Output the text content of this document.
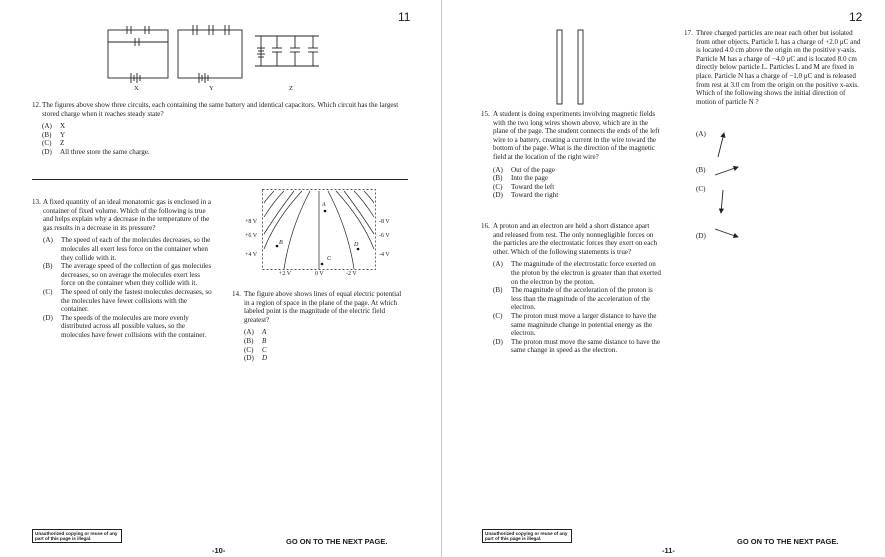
11
X	Y	Z
12. The figures above show three circuits, each containing the same battery and identical capacitors. Which circuit has the largest stored charge when it reaches steady state?
(A)	X
(B)	Y
(C)	Z
(D)	All three store the same charge.
13. A fixed quantity of an ideal monatomic gas is enclosed in a container of fixed volume. Which of the following is true and helps explain why a decrease in the temperature of the gas results in a decrease in its pressure?
(A)	The speed of each of the molecules decreases, so the molecules all exert less force on the container when they collide with it.
(B)	The average speed of the collection of gas molecules decreases, so on average the molecules exert less force on the container when they collide with it.
(C)	The speed of only the fastest molecules decreases, so the molecules have fewer collisions with the container.
(D)	The speeds of the molecules are more evenly distributed across all possible values, so the molecules have fewer collisions with the container.
A
B
C
D
+8 V
+6 V
+4 V
-8 V
-6 V
-4 V
+2 V	0 V	-2 V
14. The figure above shows lines of equal electric potential in a region of space in the plane of the page. At which labeled point is the magnitude of the electric field greatest?
(A)	A
(B)	B
(C)	C
(D)	D
Unauthorized copying or reuse of any part of this page is illegal.
-10-
GO ON TO THE NEXT PAGE.
12
15. A student is doing experiments involving magnetic fields with the two long wires shown above, which are in the plane of the page. The student connects the ends of the left wire to a battery, creating a current in the wire toward the bottom of the page. What is the direction of the magnetic field at the location of the right wire?
(A)	Out of the page
(B)	Into the page
(C)	Toward the left
(D)	Toward the right
16. A proton and an electron are held a short distance apart and released from rest. The only nonnegligible forces on the particles are the electrostatic forces they exert on each other. Which of the following statements is true?
(A)	The magnitude of the electrostatic force exerted on the proton by the electron is greater than that exerted on the electron by the proton.
(B)	The magnitude of the acceleration of the proton is less than the magnitude of the acceleration of the electron.
(C)	The proton must move a larger distance to have the same magnitude change in potential energy as the electron.
(D)	The proton must move the same distance to have the same change in speed as the electron.
17. Three charged particles are near each other but isolated from other objects. Particle L has a charge of +2.0 μC and is located 4.0 cm above the origin on the positive y-axis. Particle M has a charge of −4.0 μC and is located 8.0 cm directly below particle L. Particles L and M are fixed in place. Particle N has a charge of −1.0 μC and is released from rest at 3.0 cm from the origin on the positive x-axis. Which of the following shows the initial direction of motion of particle N ?
(A)
(B)
(C)
(D)
Unauthorized copying or reuse of any part of this page is illegal.
-11-
GO ON TO THE NEXT PAGE.
